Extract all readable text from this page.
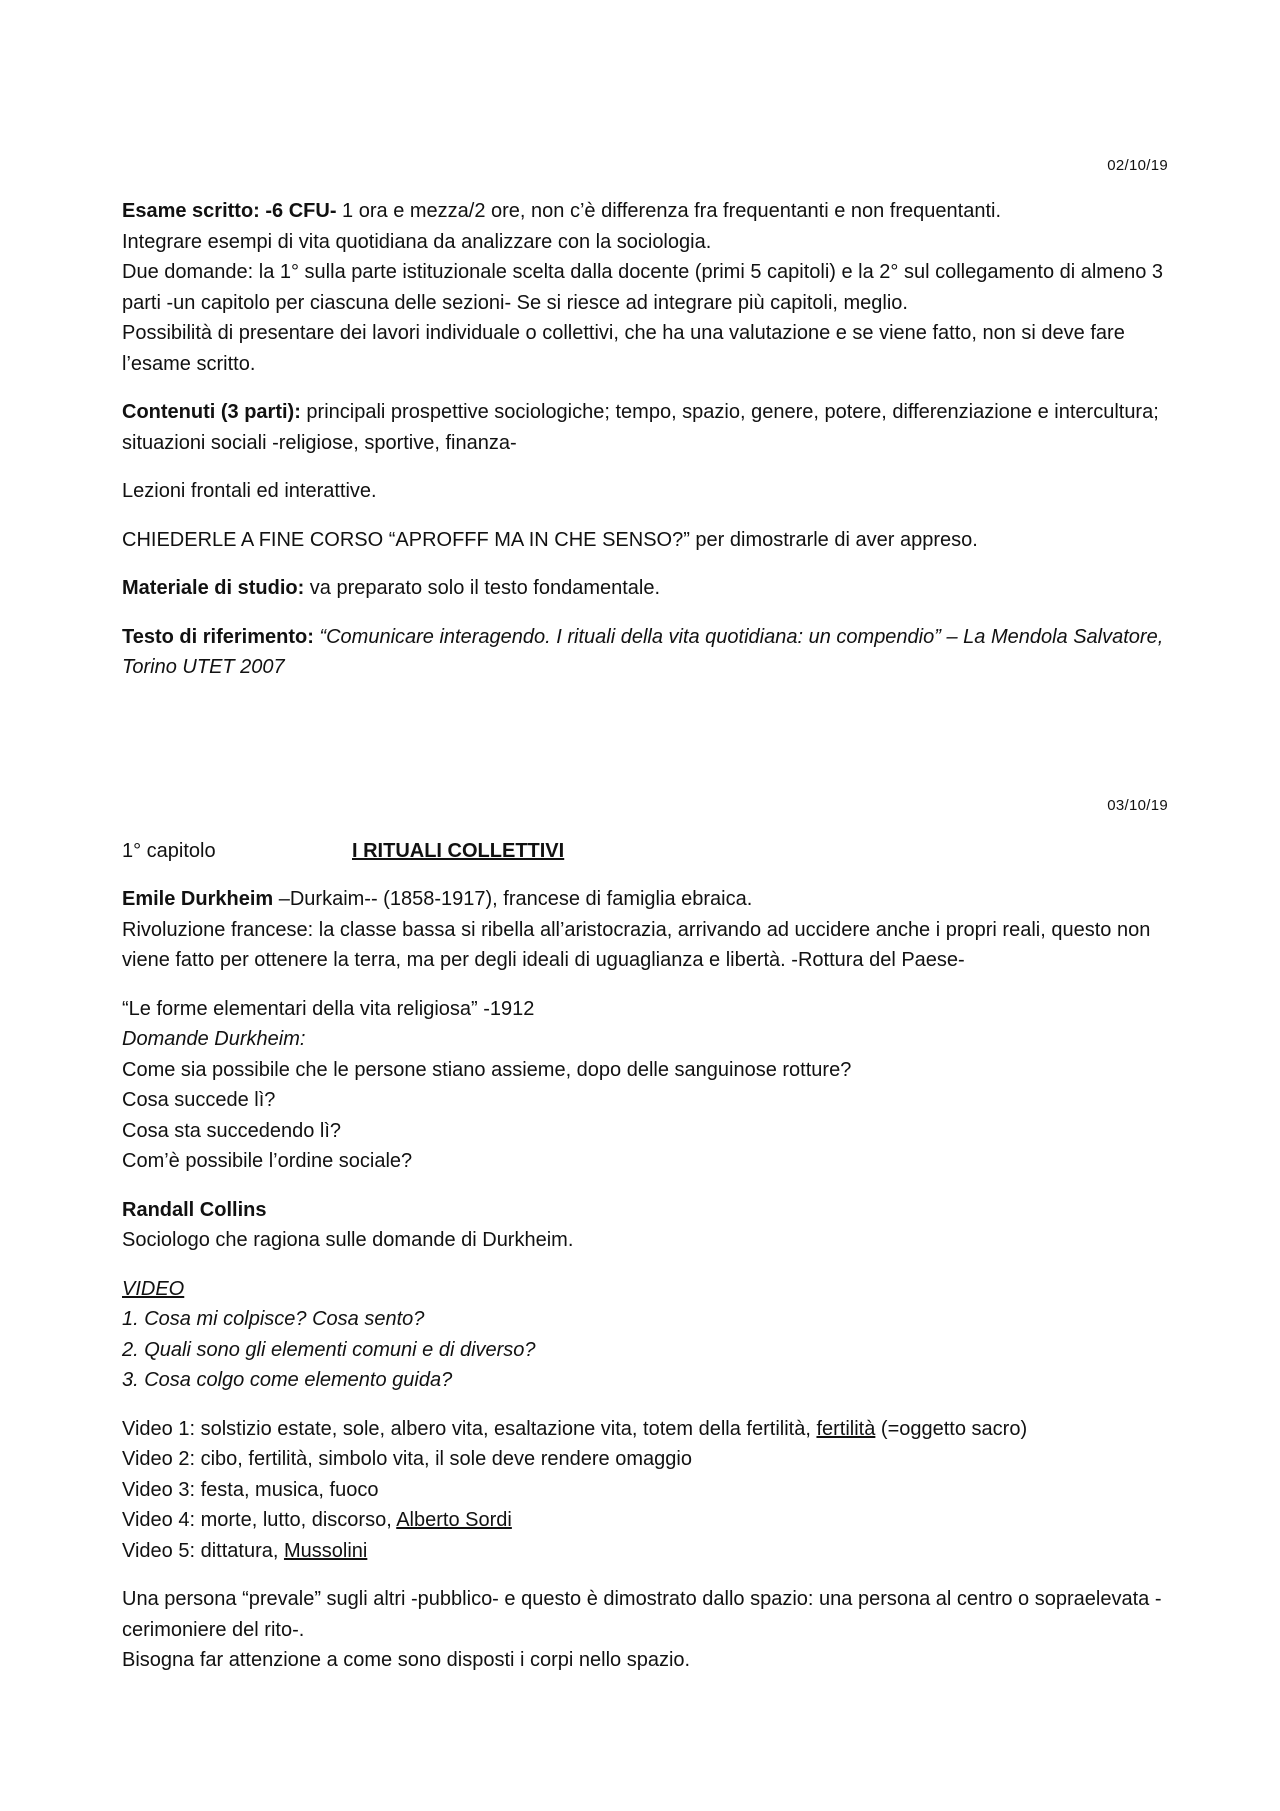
02/10/19

Esame scritto: -6 CFU- 1 ora e mezza/2 ore, non c’è differenza fra frequentanti e non frequentanti.
Integrare esempi di vita quotidiana da analizzare con la sociologia.
Due domande: la 1° sulla parte istituzionale scelta dalla docente (primi 5 capitoli) e la 2° sul collegamento di almeno 3 parti -un capitolo per ciascuna delle sezioni- Se si riesce ad integrare più capitoli, meglio.
Possibilità di presentare dei lavori individuale o collettivi, che ha una valutazione e se viene fatto, non si deve fare l’esame scritto.

Contenuti (3 parti): principali prospettive sociologiche; tempo, spazio, genere, potere, differenziazione e intercultura; situazioni sociali -religiose, sportive, finanza-

Lezioni frontali ed interattive.

CHIEDERLE A FINE CORSO “APROFFF MA IN CHE SENSO?” per dimostrarle di aver appreso.

Materiale di studio: va preparato solo il testo fondamentale.

Testo di riferimento: “Comunicare interagendo. I rituali della vita quotidiana: un compendio” – La Mendola Salvatore, Torino UTET 2007

03/10/19
1° capitolo	I RITUALI COLLETTIVI

Emile Durkheim –Durkaim-- (1858-1917), francese di famiglia ebraica.
Rivoluzione francese: la classe bassa si ribella all’aristocrazia, arrivando ad uccidere anche i propri reali, questo non viene fatto per ottenere la terra, ma per degli ideali di uguaglianza e libertà. -Rottura del Paese-

“Le forme elementari della vita religiosa” -1912
Domande Durkheim:
Come sia possibile che le persone stiano assieme, dopo delle sanguinose rotture?
Cosa succede lì?
Cosa sta succedendo lì?
Com’è possibile l’ordine sociale?

Randall Collins
Sociologo che ragiona sulle domande di Durkheim.

VIDEO
1. Cosa mi colpisce? Cosa sento?
2. Quali sono gli elementi comuni e di diverso?
3. Cosa colgo come elemento guida?

Video 1: solstizio estate, sole, albero vita, esaltazione vita, totem della fertilità, fertilità (=oggetto sacro)
Video 2: cibo, fertilità, simbolo vita, il sole deve rendere omaggio
Video 3: festa, musica, fuoco
Video 4: morte, lutto, discorso, Alberto Sordi
Video 5: dittatura, Mussolini

Una persona “prevale” sugli altri -pubblico- e questo è dimostrato dallo spazio: una persona al centro o sopraelevata -cerimoniere del rito-.
Bisogna far attenzione a come sono disposti i corpi nello spazio.
